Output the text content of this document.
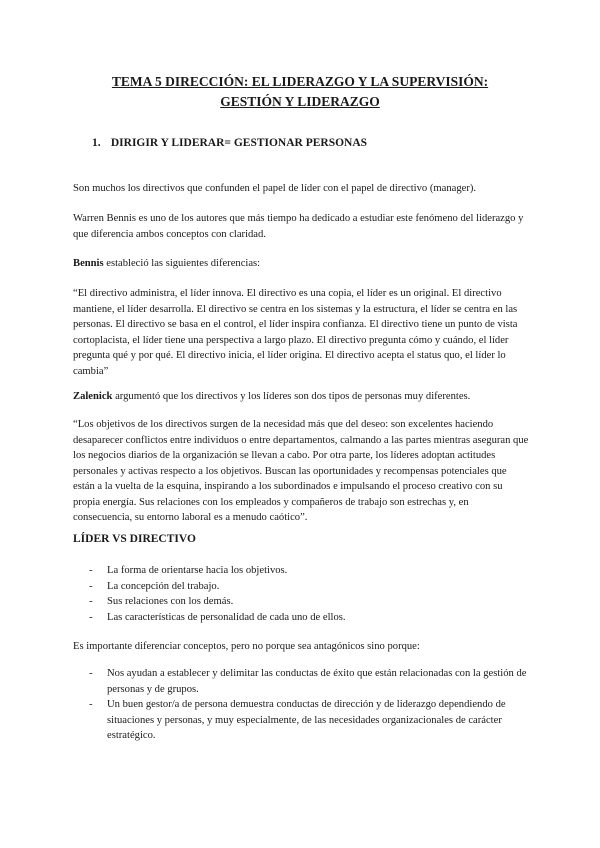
TEMA 5 DIRECCIÓN: EL LIDERAZGO Y LA SUPERVISIÓN:
GESTIÓN Y LIDERAZGO
1. DIRIGIR Y LIDERAR= GESTIONAR PERSONAS

Son muchos los directivos que confunden el papel de líder con el papel de directivo (manager).

Warren Bennis es uno de los autores que más tiempo ha dedicado a estudiar este fenómeno del liderazgo y que diferencia ambos conceptos con claridad.

Bennis estableció las siguientes diferencias:

“El directivo administra, el líder innova. El directivo es una copia, el líder es un original. El directivo mantiene, el líder desarrolla. El directivo se centra en los sistemas y la estructura, el líder se centra en las personas. El directivo se basa en el control, el líder inspira confianza. El directivo tiene un punto de vista cortoplacista, el líder tiene una perspectiva a largo plazo. El directivo pregunta cómo y cuándo, el líder pregunta qué y por qué. El directivo inicia, el líder origina. El directivo acepta el status quo, el líder lo cambia”

Zalenick argumentó que los directivos y los líderes son dos tipos de personas muy diferentes.

“Los objetivos de los directivos surgen de la necesidad más que del deseo: son excelentes haciendo desaparecer conflictos entre individuos o entre departamentos, calmando a las partes mientras aseguran que los negocios diarios de la organización se llevan a cabo. Por otra parte, los líderes adoptan actitudes personales y activas respecto a los objetivos. Buscan las oportunidades y recompensas potenciales que están a la vuelta de la esquina, inspirando a los subordinados e impulsando el proceso creativo con su propia energía. Sus relaciones con los empleados y compañeros de trabajo son estrechas y, en consecuencia, su entorno laboral es a menudo caótico”.

LÍDER VS DIRECTIVO
- La forma de orientarse hacia los objetivos.
- La concepción del trabajo.
- Sus relaciones con los demás.
- Las características de personalidad de cada uno de ellos.

Es importante diferenciar conceptos, pero no porque sea antagónicos sino porque:

- Nos ayudan a establecer y delimitar las conductas de éxito que están relacionadas con la gestión de personas y de grupos.
- Un buen gestor/a de persona demuestra conductas de dirección y de liderazgo dependiendo de situaciones y personas, y muy especialmente, de las necesidades organizacionales de carácter estratégico.
